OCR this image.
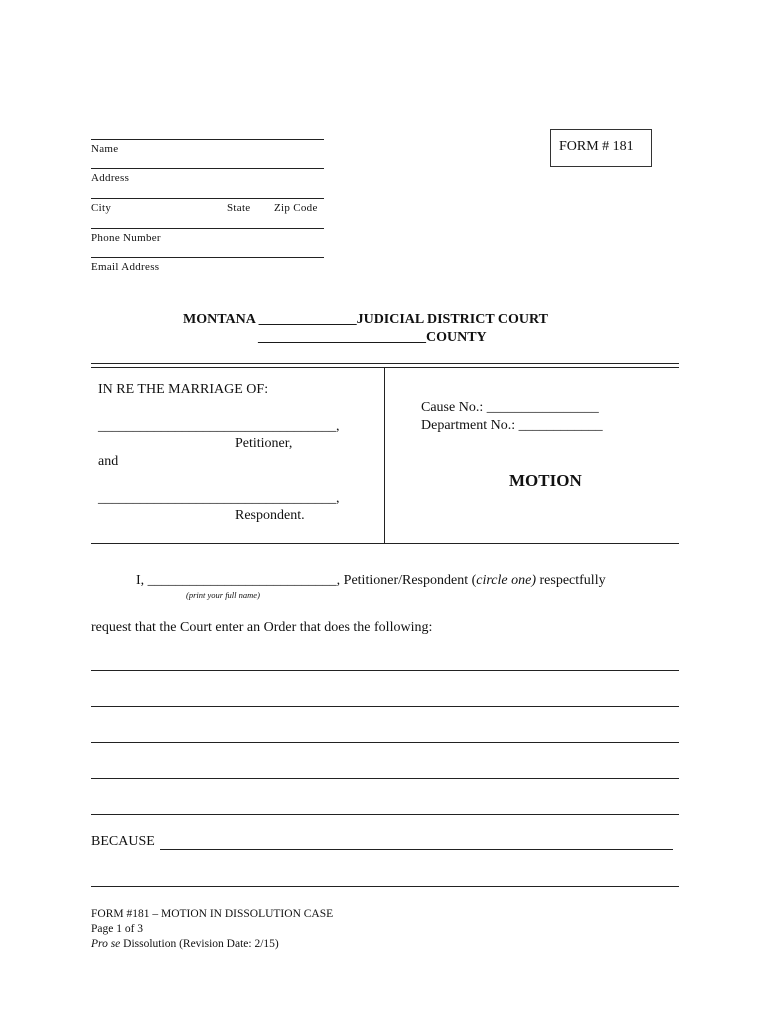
Name
Address
City	State Zip Code
Phone Number
Email Address
FORM # 181
MONTANA ______________JUDICIAL DISTRICT COURT
________________________COUNTY
IN RE THE MARRIAGE OF:
__________________________________,
Petitioner,
and
__________________________________,
Respondent.
Cause No.: ________________
Department No.: ____________
MOTION
I, ___________________________, Petitioner/Respondent (circle one) respectfully
(print your full name)
request that the Court enter an Order that does the following:
BECAUSE
FORM #181 – MOTION IN DISSOLUTION CASE
Page 1 of 3
Pro se Dissolution (Revision Date: 2/15)
